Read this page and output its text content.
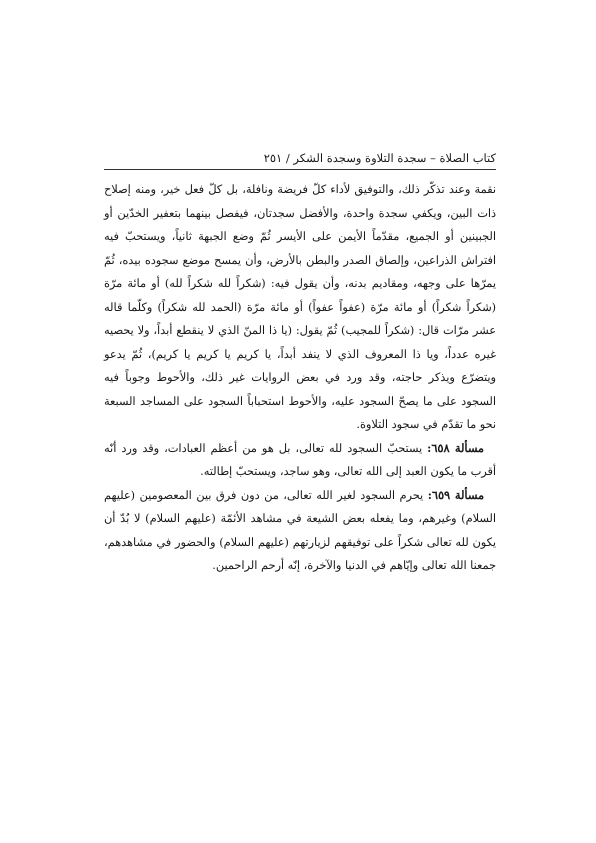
كتاب الصلاة – سجدة التلاوة وسجدة الشكر / ٢٥١

نقمة وعند تذكّر ذلك، والتوفيق لأداء كلّ فريضة ونافلة، بل كلّ فعل خير، ومنه إصلاح ذات البين، ويكفي سجدة واحدة، والأفضل سجدتان، فيفصل بينهما بتعفير الخدّين أو الجبينين أو الجميع، مقدّماً الأيمن على الأيسر ثُمّ وضع الجبهة ثانياً، ويستحبّ فيه افتراش الذراعين، وإلصاق الصدر والبطن بالأرض، وأن يمسح موضع سجوده بيده، ثُمّ يمرّها على وجهه، ومقاديم بدنه، وأن يقول فيه: (شكراً لله شكراً لله) أو مائة مرّة (شكراً شكراً) أو مائة مرّة (عفواً عفواً) أو مائة مرّة (الحمد لله شكراً) وكلّما قاله عشر مرّات قال: (شكراً للمجيب) ثُمّ يقول: (يا ذا المنّ الذي لا ينقطع أبداً، ولا يحصيه غيره عدداً، ويا ذا المعروف الذي لا ينفد أبداً، يا كريم يا كريم يا كريم)، ثُمّ يدعو ويتضرّع ويذكر حاجته، وقد ورد في بعض الروايات غير ذلك، والأحوط وجوباً فيه السجود على ما يصحّ السجود عليه، والأحوط استحباباً السجود على المساجد السبعة نحو ما تقدّم في سجود التلاوة.

مسألة ٦٥٨: يستحبّ السجود لله تعالى، بل هو من أعظم العبادات، وقد ورد أنّه أقرب ما يكون العبد إلى الله تعالى، وهو ساجد، ويستحبّ إطالته.

مسألة ٦٥٩: يحرم السجود لغير الله تعالى، من دون فرق بين المعصومين (عليهم السلام) وغيرهم، وما يفعله بعض الشيعة في مشاهد الأئمّة (عليهم السلام) لا بُدّ أن يكون لله تعالى شكراً على توفيقهم لزيارتهم (عليهم السلام) والحضور في مشاهدهم، جمعنا الله تعالى وإيّاهم في الدنيا والآخرة، إنّه أرحم الراحمين.
